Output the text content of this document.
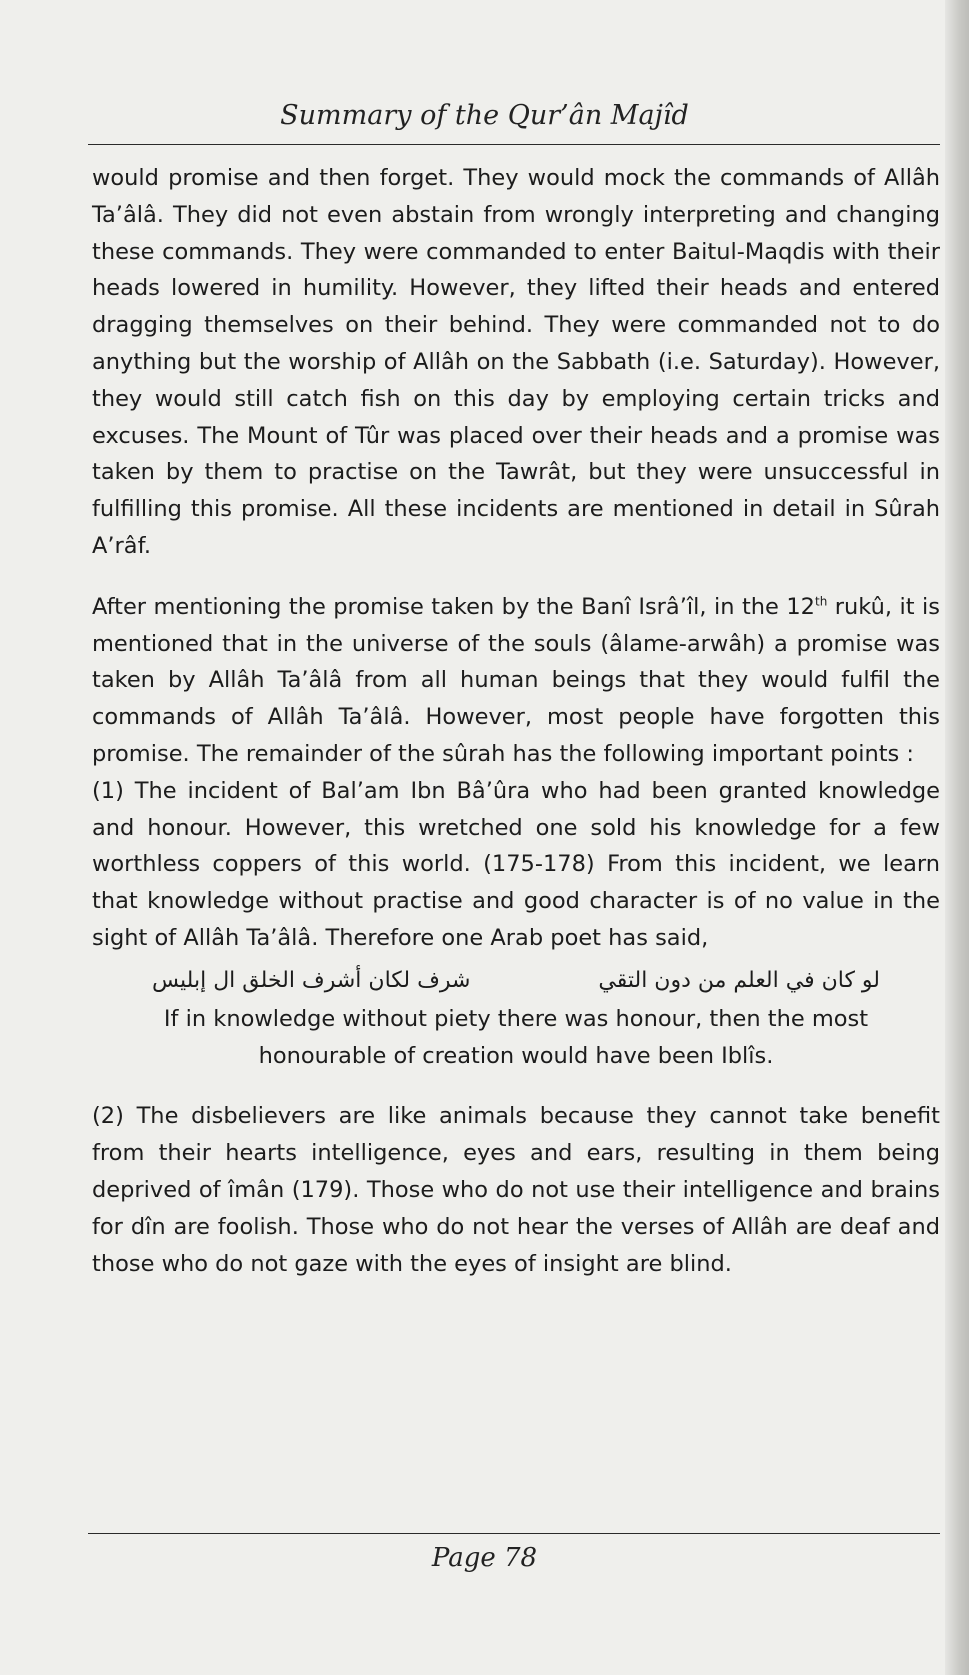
Summary of the Qur’ân Majîd

would promise and then forget. They would mock the commands of Allâh Ta’âlâ. They did not even abstain from wrongly interpreting and changing these commands. They were commanded to enter Baitul-Maqdis with their heads lowered in humility. However, they lifted their heads and entered dragging themselves on their behind. They were commanded not to do anything but the worship of Allâh on the Sabbath (i.e. Saturday). However, they would still catch fish on this day by employing certain tricks and excuses. The Mount of Tûr was placed over their heads and a promise was taken by them to practise on the Tawrât, but they were unsuccessful in fulfilling this promise. All these incidents are mentioned in detail in Sûrah A’râf.

After mentioning the promise taken by the Banî Isrâ’îl, in the 12th rukû, it is mentioned that in the universe of the souls (âlame-arwâh) a promise was taken by Allâh Ta’âlâ from all human beings that they would fulfil the commands of Allâh Ta’âlâ. However, most people have forgotten this promise. The remainder of the sûrah has the following important points :

(1) The incident of Bal’am Ibn Bâ’ûra who had been granted knowledge and honour. However, this wretched one sold his knowledge for a few worthless coppers of this world. (175-178) From this incident, we learn that knowledge without practise and good character is of no value in the sight of Allâh Ta’âlâ. Therefore one Arab poet has said,

لو كان في العلم من دون التقي
شرف لكان أشرف الخلق ال إبليس

If in knowledge without piety there was honour, then the most
honourable of creation would have been Iblîs.

(2) The disbelievers are like animals because they cannot take benefit from their hearts intelligence, eyes and ears, resulting in them being deprived of îmân (179). Those who do not use their intelligence and brains for dîn are foolish. Those who do not hear the verses of Allâh are deaf and those who do not gaze with the eyes of insight are blind.

Page 78
